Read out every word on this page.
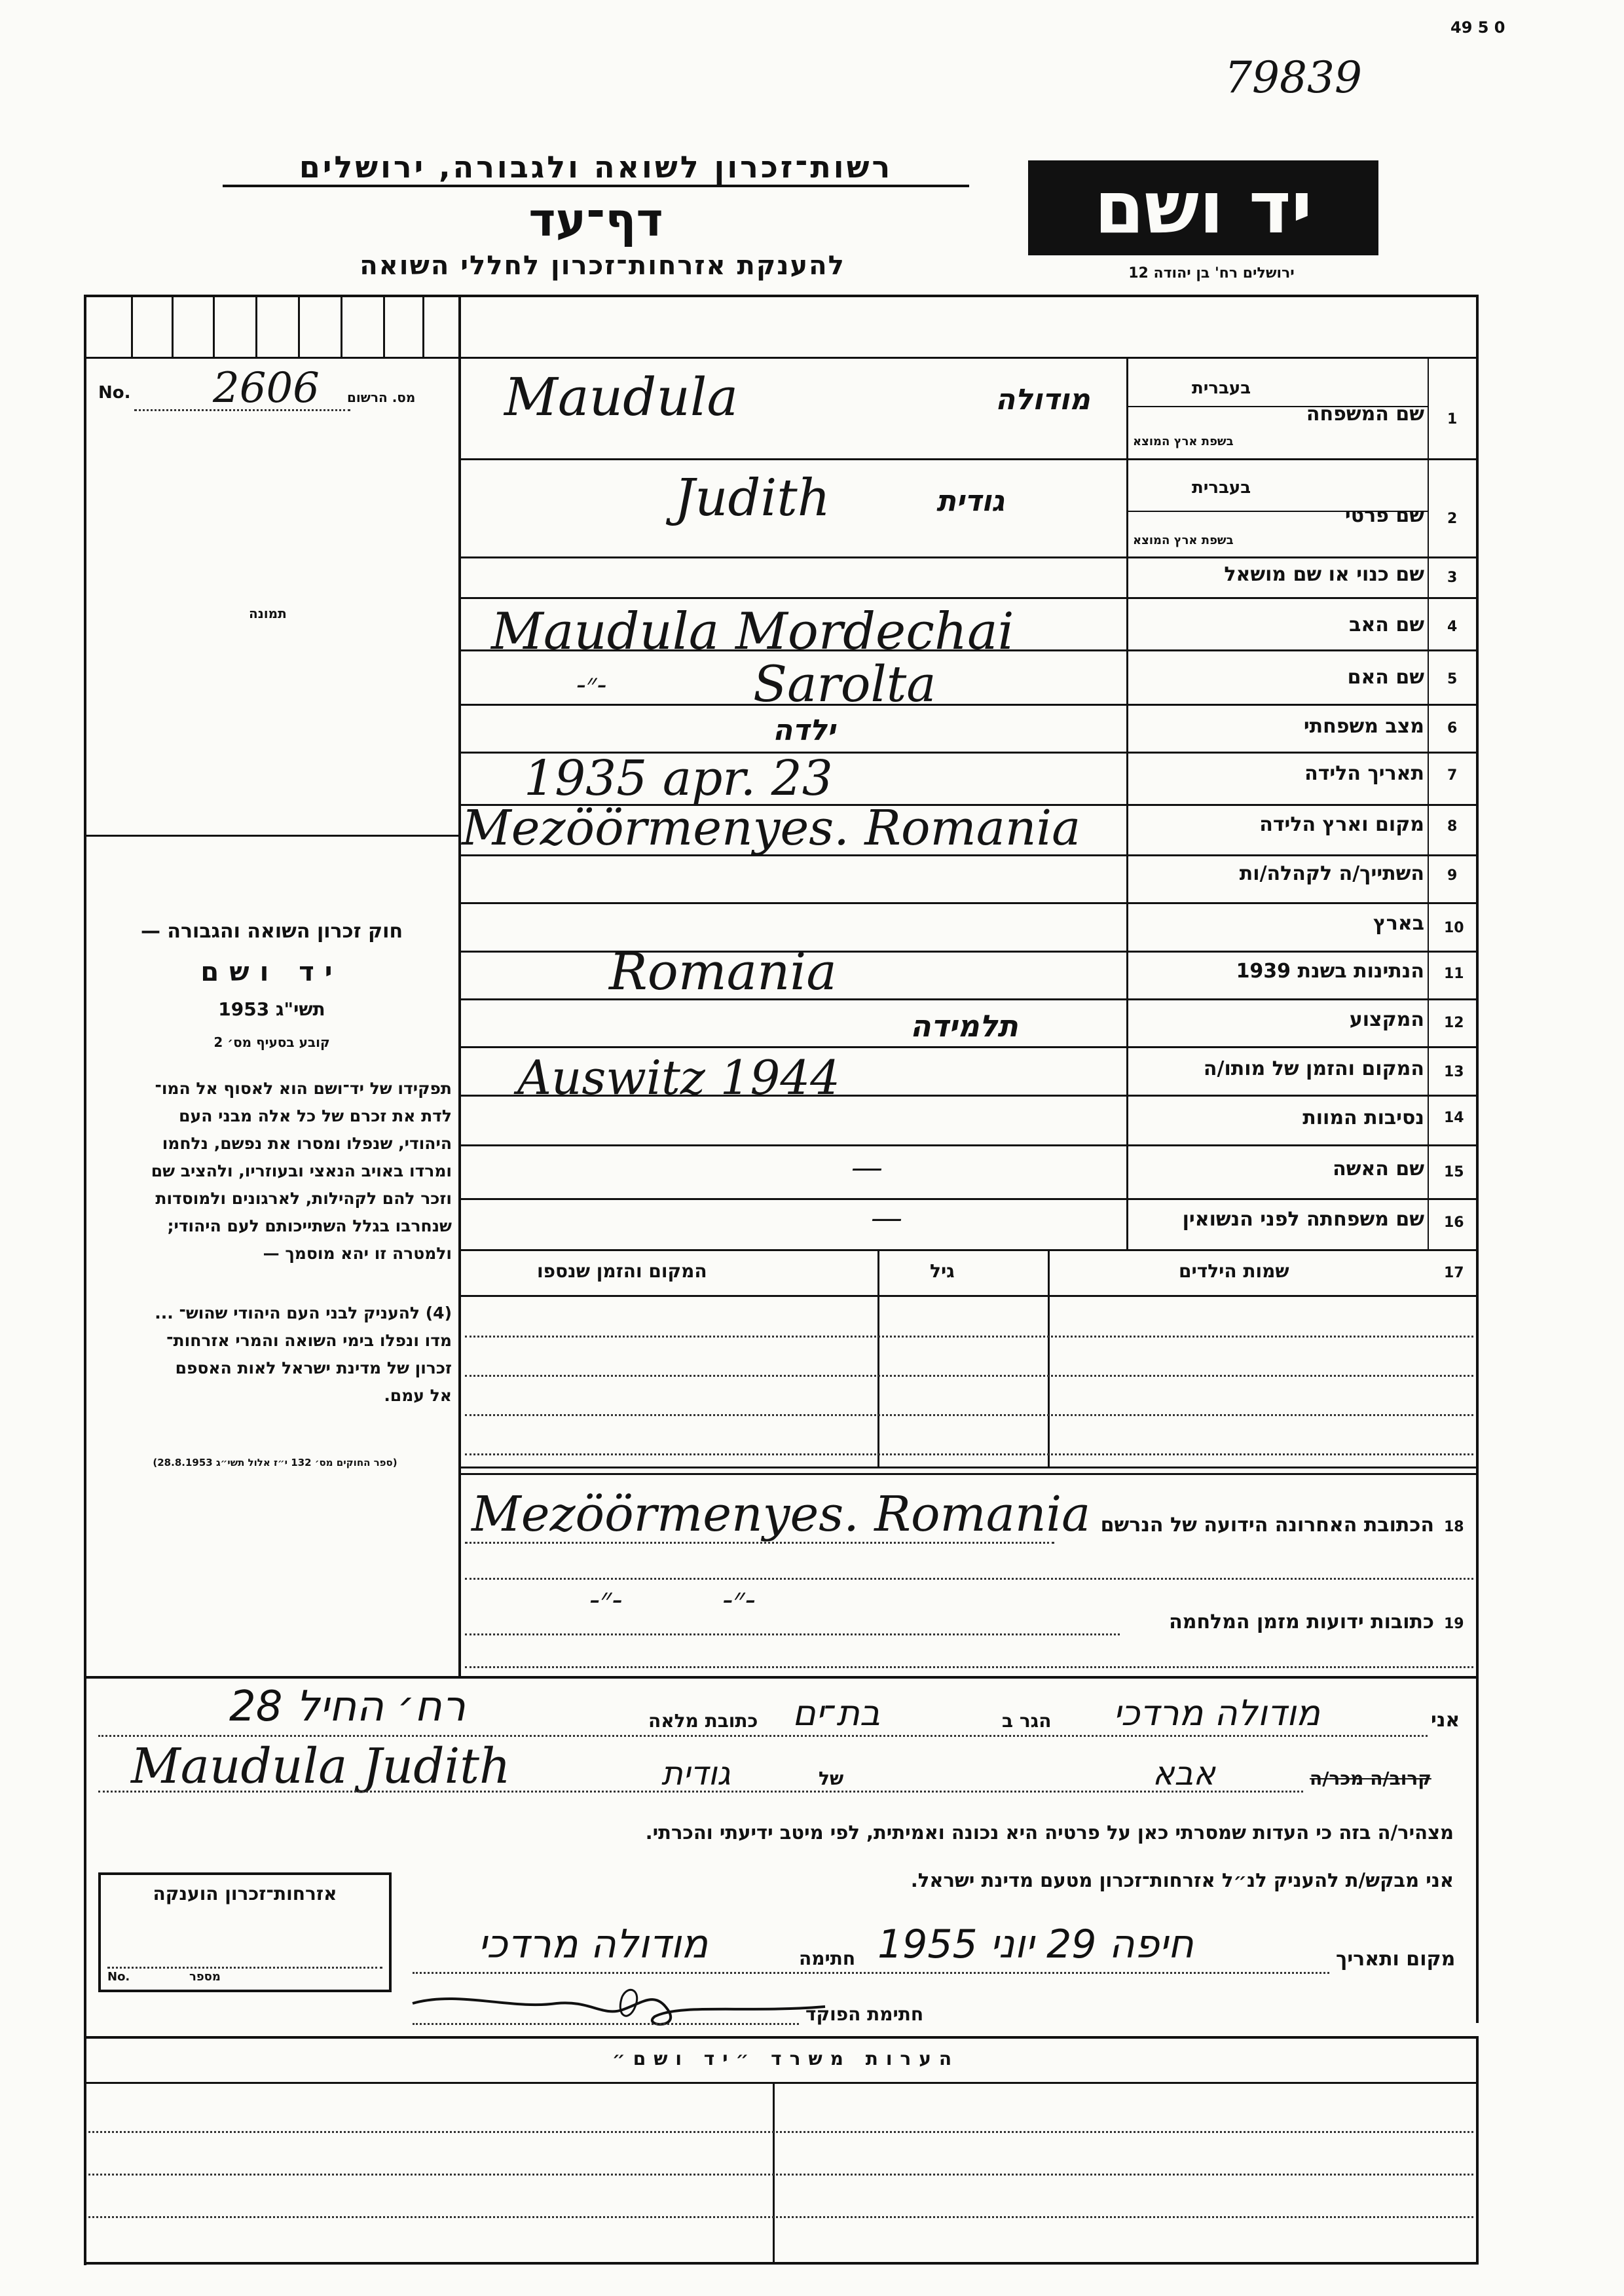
49 5 0
79839
רשות־זכרון לשואה ולגבורה, ירושלים
דף־עד
להענקת אזרחות־זכרון לחללי השואה
יד ושם
ירושלים רח' בן יהודה 12
No. 2606 מס. הרשום
תמונה
חוק זכרון השואה והגבורה —
יד ושם
תשי"ג 1953
קובע בסעיף מס׳ 2
תפקידו של יד־ושם הוא לאסוף אל המו־
לדת את זכרם של כל אלה מבני העם
היהודי, שנפלו ומסרו את נפשם, נלחמו
ומרדו באויב הנאצי ובעוזריו, ולהציב שם
וזכר להם לקהילות, לארגונים ולמוסדות
שנחרבו בגלל השתייכותם לעם היהודי;
ולמטרה זו יהא מוסמך —
(4) להעניק לבני העם היהודי שהוש־ ...
מדו ונפלו בימי השואה והמרי אזרחות־
זכרון של מדינת ישראל לאות האספם
אל עמם.
(ספר החוקים מס׳ 132 י״ז אלול תשי״ג 28.8.1953)
1
שם המשפחה
בעברית
בשפת ארץ המוצא
Maudula	מודולה
2
שם פרטי
בעברית
בשפת ארץ המוצא
Judith	גודית
3
שם כנוי או שם מושאל
4
שם האב
Maudula Mordechai
5
שם האם
-״-	Sarolta
6
מצב משפחתי
ילדה
7
תאריך הלידה
1935 apr. 23
8
מקום וארץ הלידה
Mezöörmenyes. Romania
9
השתייך/ה לקהלה/ות
10
בארץ
11
הנתינות בשנת 1939
Romania
12
המקצוע
תלמידה
13
המקום והזמן של מותו/ה
Auswitz 1944
14
נסיבות המוות
15
שם האשה
—
16
שם משפחתה לפני הנשואין
—
17
שמות הילדים
גיל
המקום והזמן שנספו
18
הכתובת האחרונה הידועה של הנרשם
Mezöörmenyes. Romania
19
כתובות ידועות מזמן המלחמה
-״-          -״-
אני
מודולה מרדכי
הגר ב
בת־ים
כתובת מלאה
רח׳ החיל 28
קרוב/ה מכר/ה
אבא
של
גודית
Maudula Judith
מצהיר/ה בזה כי העדות שמסרתי כאן על פרטיה היא נכונה ואמיתית, לפי מיטב ידיעתי והכרתי.
אני מבקש/ת להעניק לנ״ל אזרחות־זכרון מטעם מדינת ישראל.
אזרחות־זכרון הוענקה
No.	מספר
מקום ותאריך
חיפה 29 יוני 1955
חתימה
מודולה מרדכי
חתימת הפוקד
הערות משרד ״יד ושם״
